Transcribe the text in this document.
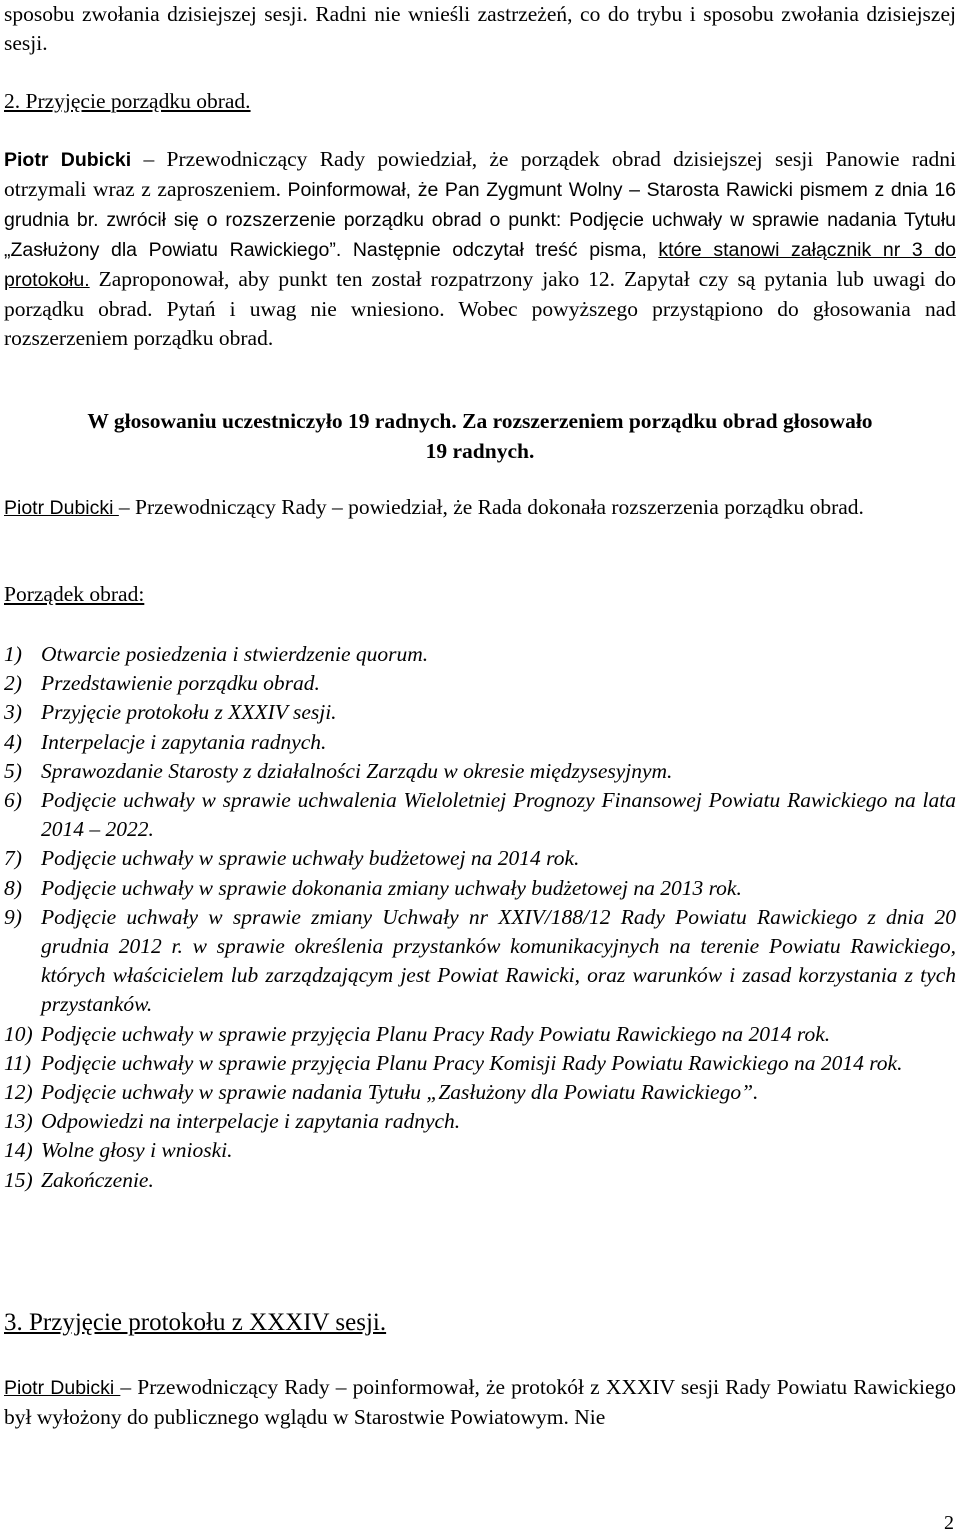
sposobu zwołania dzisiejszej sesji. Radni nie wnieśli zastrzeżeń, co do trybu i sposobu zwołania dzisiejszej sesji.

2. Przyjęcie porządku obrad.

Piotr Dubicki – Przewodniczący Rady powiedział, że porządek obrad dzisiejszej sesji Panowie radni otrzymali wraz z zaproszeniem. Poinformował, że Pan Zygmunt Wolny – Starosta Rawicki pismem z dnia 16 grudnia br. zwrócił się o rozszerzenie porządku obrad o punkt: Podjęcie uchwały w sprawie nadania Tytułu „Zasłużony dla Powiatu Rawickiego”. Następnie odczytał treść pisma, które stanowi załącznik nr 3 do protokołu. Zaproponował, aby punkt ten został rozpatrzony jako 12. Zapytał czy są pytania lub uwagi do porządku obrad. Pytań i uwag nie wniesiono. Wobec powyższego przystąpiono do głosowania nad rozszerzeniem porządku obrad.

W głosowaniu uczestniczyło 19 radnych. Za rozszerzeniem porządku obrad głosowało
19 radnych.

Piotr Dubicki – Przewodniczący Rady – powiedział, że Rada dokonała rozszerzenia porządku obrad.

Porządek obrad:

1) Otwarcie posiedzenia i stwierdzenie quorum.
2) Przedstawienie porządku obrad.
3) Przyjęcie protokołu z XXXIV sesji.
4) Interpelacje i zapytania radnych.
5) Sprawozdanie Starosty z działalności Zarządu w okresie międzysesyjnym.
6) Podjęcie uchwały w sprawie uchwalenia Wieloletniej Prognozy Finansowej Powiatu Rawickiego na lata 2014 – 2022.
7) Podjęcie uchwały w sprawie uchwały budżetowej na 2014 rok.
8) Podjęcie uchwały w sprawie dokonania zmiany uchwały budżetowej na 2013 rok.
9) Podjęcie uchwały w sprawie zmiany Uchwały nr XXIV/188/12 Rady Powiatu Rawickiego z dnia 20 grudnia 2012 r. w sprawie określenia przystanków komunikacyjnych na terenie Powiatu Rawickiego, których właścicielem lub zarządzającym jest Powiat Rawicki, oraz warunków i zasad korzystania z tych przystanków.
10) Podjęcie uchwały w sprawie przyjęcia Planu Pracy Rady Powiatu Rawickiego na 2014 rok.
11) Podjęcie uchwały w sprawie przyjęcia Planu Pracy Komisji Rady Powiatu Rawickiego na 2014 rok.
12) Podjęcie uchwały w sprawie nadania Tytułu „Zasłużony dla Powiatu Rawickiego”.
13) Odpowiedzi na interpelacje i zapytania radnych.
14) Wolne głosy i wnioski.
15) Zakończenie.

3. Przyjęcie protokołu z XXXIV sesji.

Piotr Dubicki – Przewodniczący Rady – poinformował, że protokół z XXXIV sesji Rady Powiatu Rawickiego był wyłożony do publicznego wglądu w Starostwie Powiatowym. Nie

2
